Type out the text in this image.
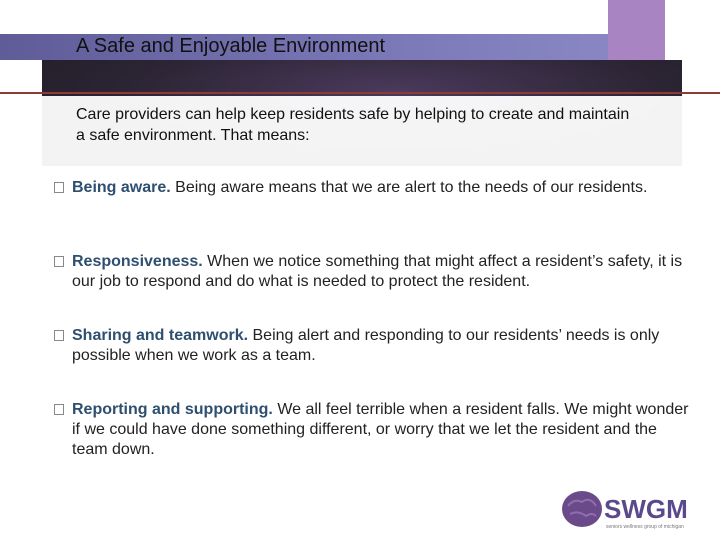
A Safe and Enjoyable Environment
Care providers can help keep residents safe by helping to create and maintain a safe environment. That means:
Being aware. Being aware means that we are alert to the needs of our residents.
Responsiveness. When we notice something that might affect a resident’s safety, it is our job to respond and do what is needed to protect the resident.
Sharing and teamwork. Being alert and responding to our residents’ needs is only possible when we work as a team.
Reporting and supporting. We all feel terrible when a resident falls. We might wonder if we could have done something different, or worry that we let the resident and the team down.
SWGM
seniors wellness group of michigan
